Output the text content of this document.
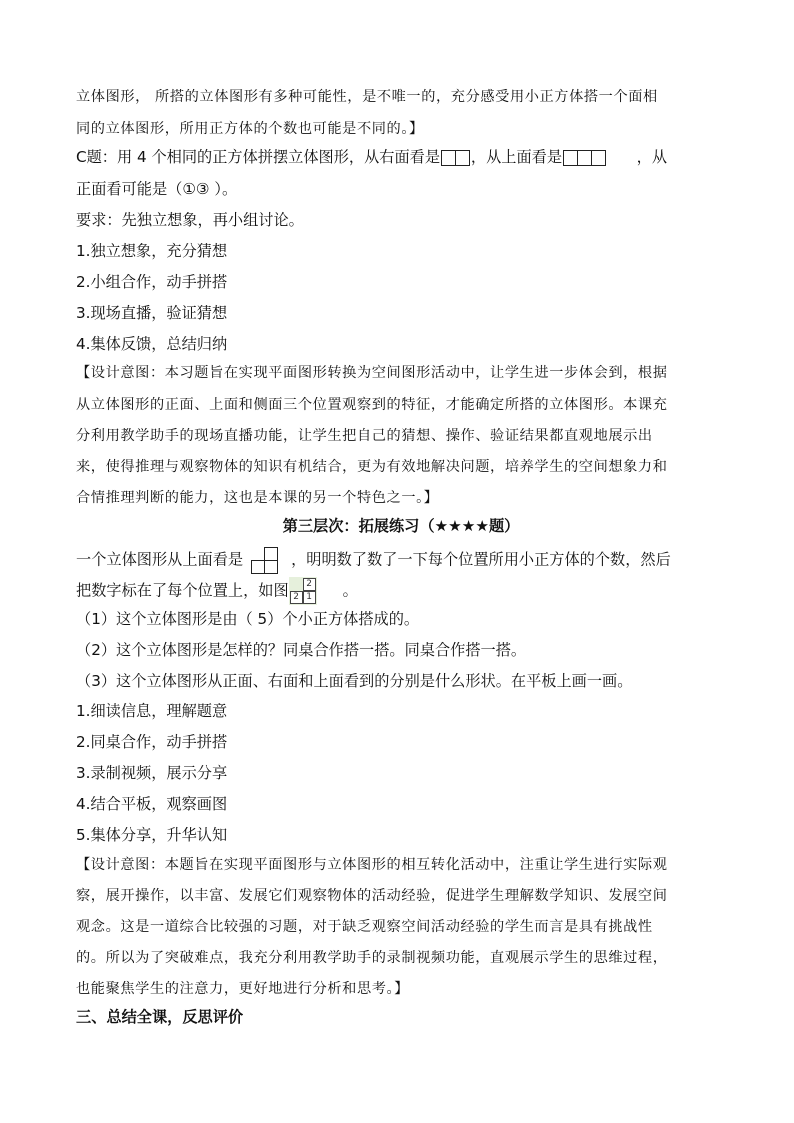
立体图形， 所搭的立体图形有多种可能性，是不唯一的，充分感受用小正方体搭一个面相
同的立体图形，所用正方体的个数也可能是不同的。】
C题：用 4 个相同的正方体拼摆立体图形，从右面看是 ，从上面看是	，从
正面看可能是（①③ ）。
要求：先独立想象，再小组讨论。
1.独立想象，充分猜想
2.小组合作，动手拼搭
3.现场直播，验证猜想
4.集体反馈，总结归纳
【设计意图：本习题旨在实现平面图形转换为空间图形活动中，让学生进一步体会到，根据
从立体图形的正面、上面和侧面三个位置观察到的特征，才能确定所搭的立体图形。本课充
分利用教学助手的现场直播功能，让学生把自己的猜想、操作、验证结果都直观地展示出
来，使得推理与观察物体的知识有机结合，更为有效地解决问题，培养学生的空间想象力和
合情推理判断的能力，这也是本课的另一个特色之一。】
第三层次：拓展练习（★★★★题）
一个立体图形从上面看是	，明明数了数了一下每个位置所用小正方体的个数，然后
把数字标在了每个位置上，如图	2
2 1 。
（1）这个立体图形是由（ 5）个小正方体搭成的。
（2）这个立体图形是怎样的？同桌合作搭一搭。同桌合作搭一搭。
（3）这个立体图形从正面、右面和上面看到的分别是什么形状。在平板上画一画。
1.细读信息，理解题意
2.同桌合作，动手拼搭
3.录制视频，展示分享
4.结合平板，观察画图
5.集体分享，升华认知
【设计意图：本题旨在实现平面图形与立体图形的相互转化活动中，注重让学生进行实际观
察，展开操作，以丰富、发展它们观察物体的活动经验，促进学生理解数学知识、发展空间
观念。这是一道综合比较强的习题，对于缺乏观察空间活动经验的学生而言是具有挑战性
的。所以为了突破难点，我充分利用教学助手的录制视频功能，直观展示学生的思维过程，
也能聚焦学生的注意力，更好地进行分析和思考。】
三、总结全课，反思评价
